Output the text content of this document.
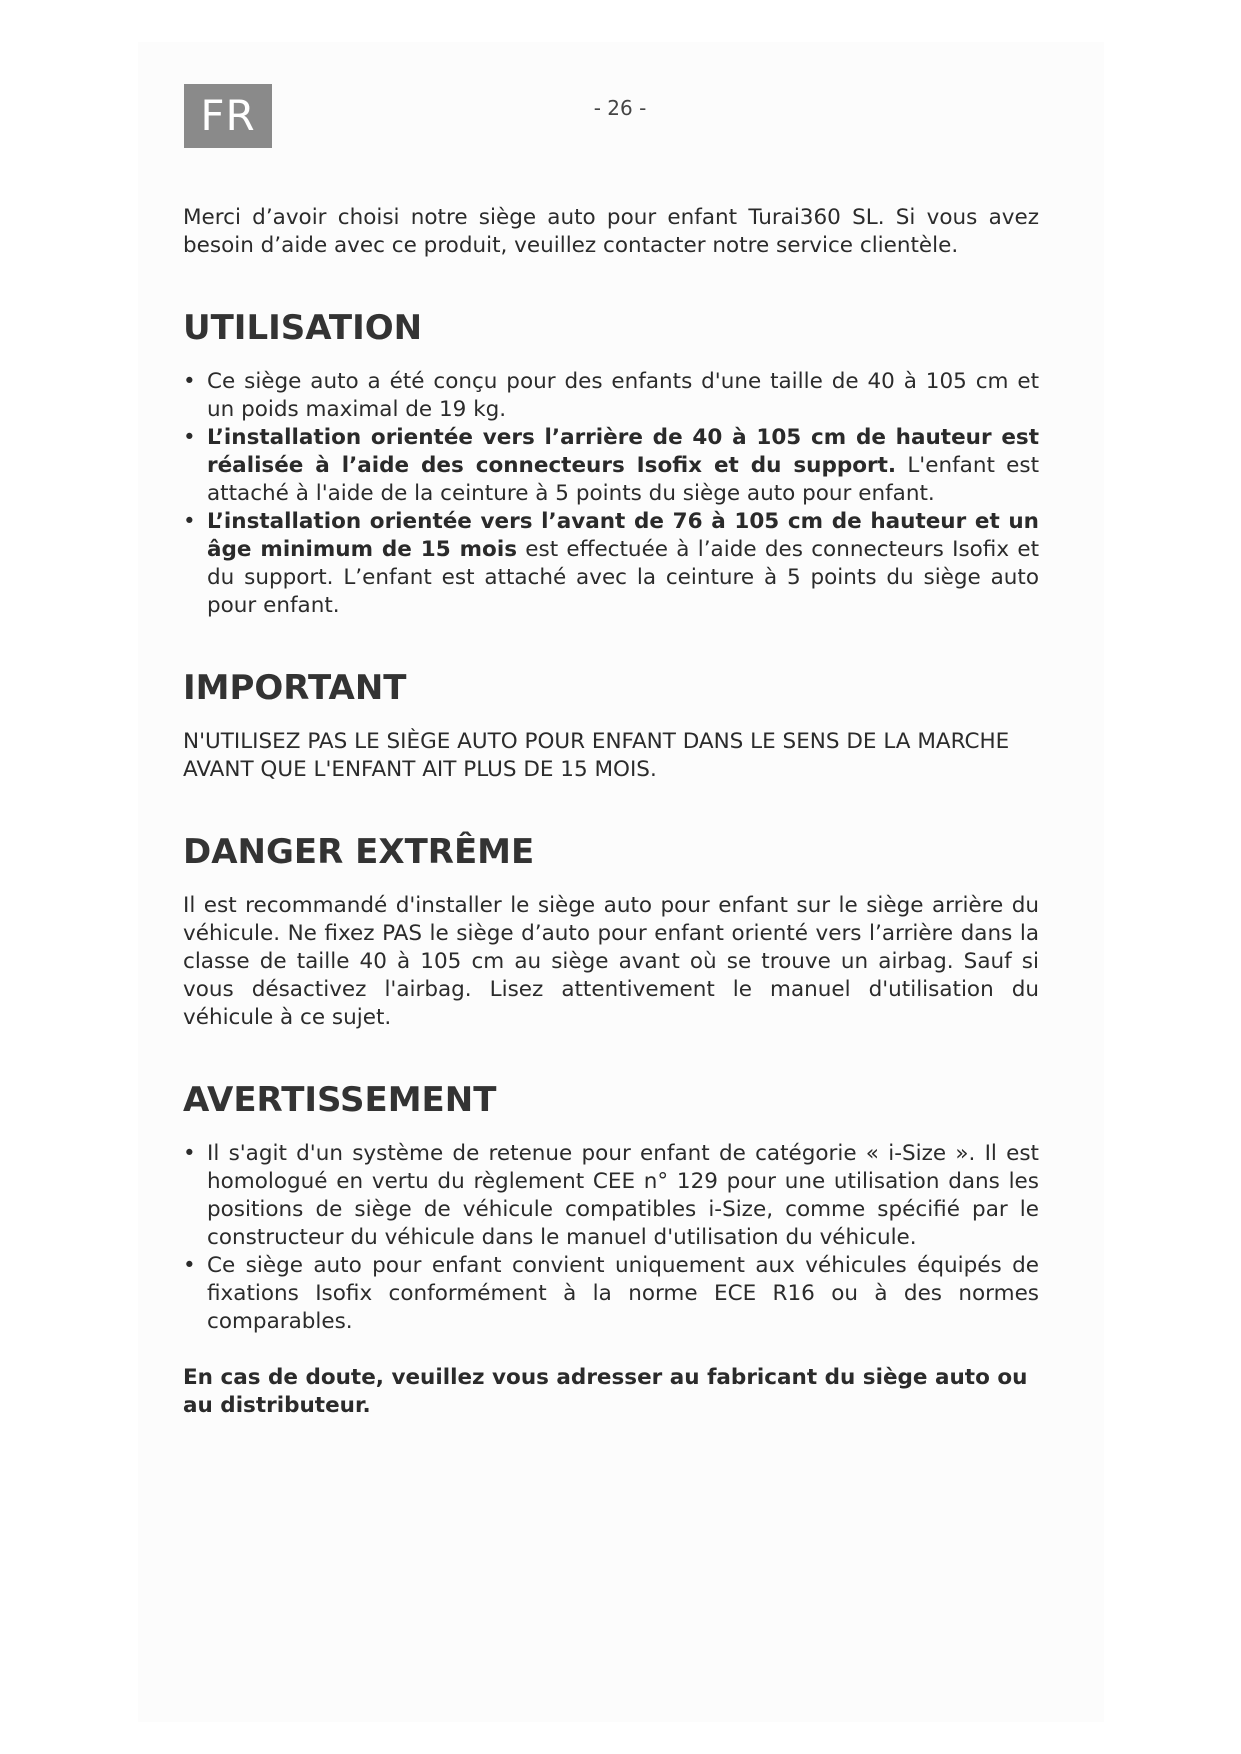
FR	- 26 -

Merci d’avoir choisi notre siège auto pour enfant Turai360 SL. Si vous avez besoin d’aide avec ce produit, veuillez contacter notre service clientèle.

UTILISATION
• Ce siège auto a été conçu pour des enfants d'une taille de 40 à 105 cm et un poids maximal de 19 kg.
• L’installation orientée vers l’arrière de 40 à 105 cm de hauteur est réalisée à l’aide des connecteurs Isofix et du support. L'enfant est attaché à l'aide de la ceinture à 5 points du siège auto pour enfant.
• L’installation orientée vers l’avant de 76 à 105 cm de hauteur et un âge minimum de 15 mois est effectuée à l’aide des connecteurs Isofix et du support. L’enfant est attaché avec la ceinture à 5 points du siège auto pour enfant.
IMPORTANT

N'UTILISEZ PAS LE SIÈGE AUTO POUR ENFANT DANS LE SENS DE LA MARCHE AVANT QUE L'ENFANT AIT PLUS DE 15 MOIS.

DANGER EXTRÊME

Il est recommandé d'installer le siège auto pour enfant sur le siège arrière du véhicule. Ne fixez PAS le siège d’auto pour enfant orienté vers l’arrière dans la classe de taille 40 à 105 cm au siège avant où se trouve un airbag. Sauf si vous désactivez l'airbag. Lisez attentivement le manuel d'utilisation du véhicule à ce sujet.

AVERTISSEMENT
• Il s'agit d'un système de retenue pour enfant de catégorie « i-Size ». Il est homologué en vertu du règlement CEE n° 129 pour une utilisation dans les positions de siège de véhicule compatibles i-Size, comme spécifié par le constructeur du véhicule dans le manuel d'utilisation du véhicule.
• Ce siège auto pour enfant convient uniquement aux véhicules équipés de fixations Isofix conformément à la norme ECE R16 ou à des normes comparables.

En cas de doute, veuillez vous adresser au fabricant du siège auto ou au distributeur.
